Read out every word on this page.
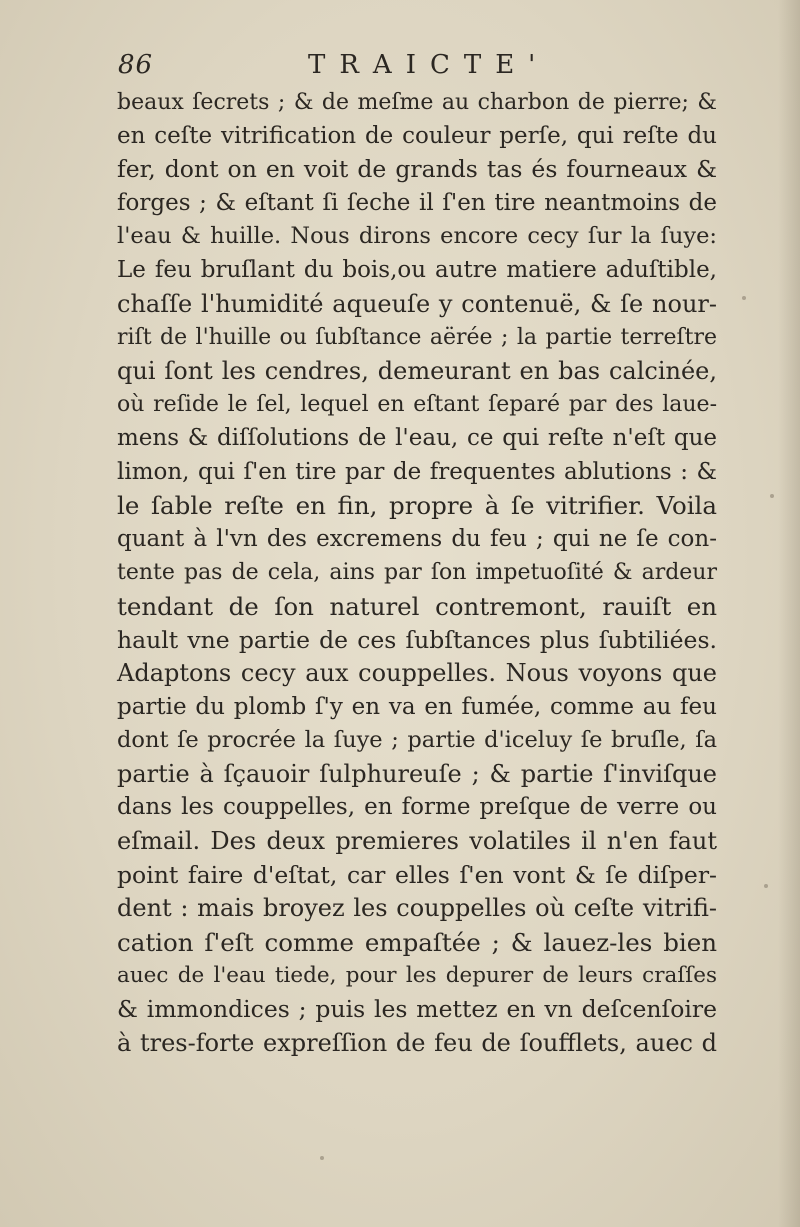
86	TRAICTE'
beaux ſecrets ; & de meſme au charbon de pierre; &
en ceſte vitrification de couleur perſe, qui reſte du
fer, dont on en voit de grands tas és fourneaux &
forges ; & eſtant ſi ſeche il ſ'en tire neantmoins de
l'eau & huille. Nous dirons encore cecy ſur la ſuye:
Le feu bruſlant du bois,ou autre matiere aduſtible,
chaſſe l'humidité aqueuſe y contenuë, & ſe nour-
riſt de l'huille ou ſubſtance aërée ; la partie terreſtre
qui ſont les cendres, demeurant en bas calcinée,
où reſide le ſel, lequel en eſtant ſeparé par des laue-
mens & diſſolutions de l'eau, ce qui reſte n'eſt que
limon, qui ſ'en tire par de frequentes ablutions : &
le ſable reſte en fin, propre à ſe vitrifier. Voila
quant à l'vn des excremens du feu ; qui ne ſe con-
tente pas de cela, ains par ſon impetuoſité & ardeur
tendant de ſon naturel contremont, rauiſt en
hault vne partie de ces ſubſtances plus ſubtiliées.
Adaptons cecy aux couppelles. Nous voyons que
partie du plomb ſ'y en va en fumée, comme au feu
dont ſe procrée la ſuye ; partie d'iceluy ſe bruſle, ſa
partie à ſçauoir ſulphureuſe ; & partie ſ'inviſque
dans les couppelles, en forme preſque de verre ou
eſmail. Des deux premieres volatiles il n'en faut
point faire d'eſtat, car elles ſ'en vont & ſe diſper-
dent : mais broyez les couppelles où ceſte vitrifi-
cation ſ'eſt comme empaſtée ; & lauez-les bien
auec de l'eau tiede, pour les depurer de leurs craſſes
& immondices ; puis les mettez en vn deſcenſoire
à tres-forte expreſſion de feu de ſoufflets, auec d
